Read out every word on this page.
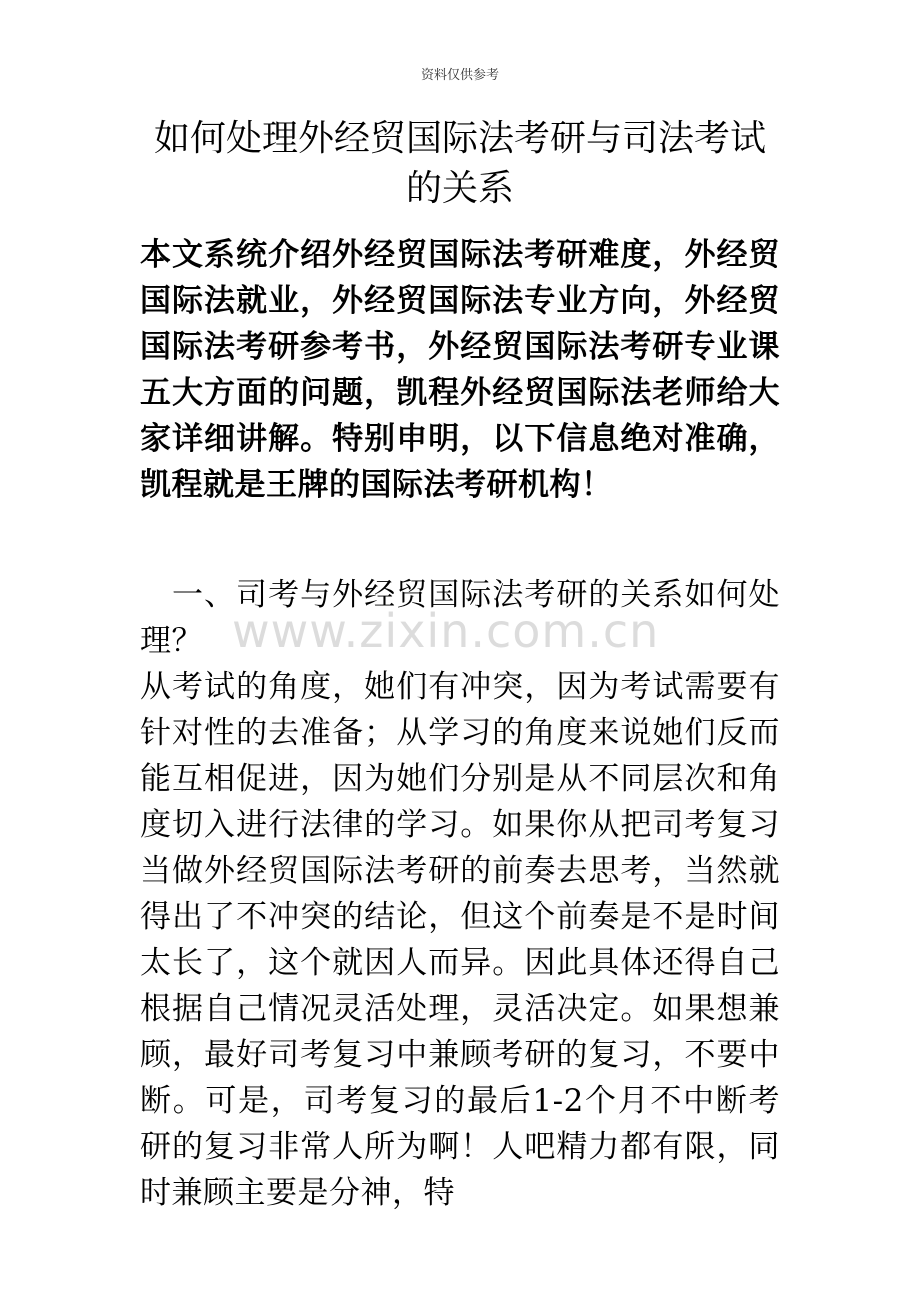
资料仅供参考
如何处理外经贸国际法考研与司法考试的关系

本文系统介绍外经贸国际法考研难度，外经贸国际法就业，外经贸国际法专业方向，外经贸国际法考研参考书，外经贸国际法考研专业课五大方面的问题，凯程外经贸国际法老师给大家详细讲解。特别申明，以下信息绝对准确，凯程就是王牌的国际法考研机构！

一、司考与外经贸国际法考研的关系如何处理？
从考试的角度，她们有冲突，因为考试需要有针对性的去准备；从学习的角度来说她们反而能互相促进，因为她们分别是从不同层次和角度切入进行法律的学习。如果你从把司考复习当做外经贸国际法考研的前奏去思考，当然就得出了不冲突的结论，但这个前奏是不是时间太长了，这个就因人而异。因此具体还得自己根据自己情况灵活处理，灵活决定。如果想兼顾，最好司考复习中兼顾考研的复习，不要中断。可是，司考复习的最后1-2个月不中断考研的复习非常人所为啊！人吧精力都有限，同时兼顾主要是分神，特
www.zixin.com.cn
